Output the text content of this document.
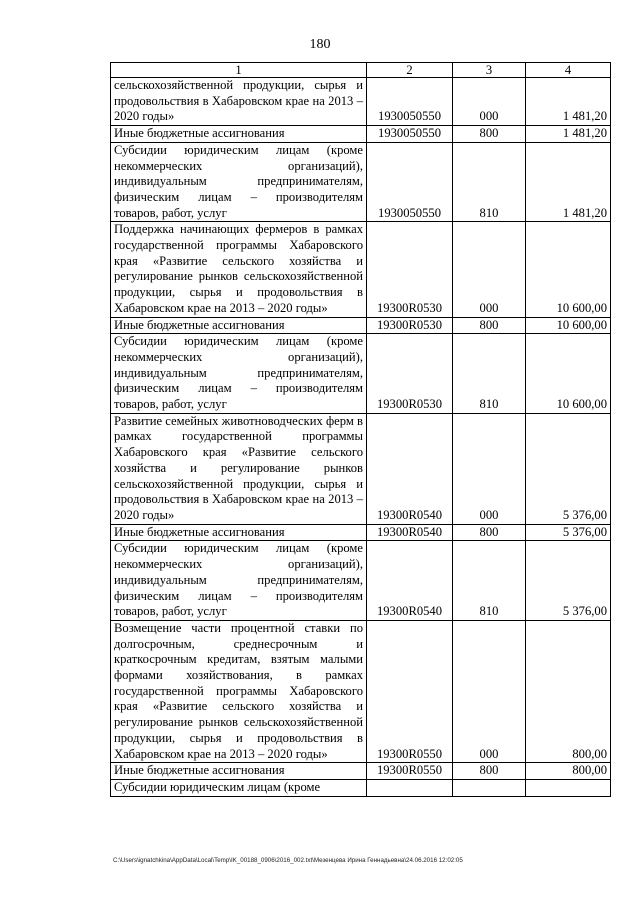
180
1	2	3	4
сельскохозяйственной продукции, сырья и продовольствия в Хабаровском крае на 2013 – 2020 годы»	1930050550	000	1 481,20
Иные бюджетные ассигнования	1930050550	800	1 481,20
Субсидии юридическим лицам (кроме некоммерческих организаций), индивидуальным предпринимателям, физическим лицам – производителям товаров, работ, услуг	1930050550	810	1 481,20
Поддержка начинающих фермеров в рамках государственной программы Хабаровского края «Развитие сельского хозяйства и регулирование рынков сельскохозяйственной продукции, сырья и продовольствия в Хабаровском крае на 2013 – 2020 годы»	19300R0530	000	10 600,00
Иные бюджетные ассигнования	19300R0530	800	10 600,00
Субсидии юридическим лицам (кроме некоммерческих организаций), индивидуальным предпринимателям, физическим лицам – производителям товаров, работ, услуг	19300R0530	810	10 600,00
Развитие семейных животноводческих ферм в рамках государственной программы Хабаровского края «Развитие сельского хозяйства и регулирование рынков сельскохозяйственной продукции, сырья и продовольствия в Хабаровском крае на 2013 – 2020 годы»	19300R0540	000	5 376,00
Иные бюджетные ассигнования	19300R0540	800	5 376,00
Субсидии юридическим лицам (кроме некоммерческих организаций), индивидуальным предпринимателям, физическим лицам – производителям товаров, работ, услуг	19300R0540	810	5 376,00
Возмещение части процентной ставки по долгосрочным, среднесрочным и краткосрочным кредитам, взятым малыми формами хозяйствования, в рамках государственной программы Хабаровского края «Развитие сельского хозяйства и регулирование рынков сельскохозяйственной продукции, сырья и продовольствия в Хабаровском крае на 2013 – 2020 годы»	19300R0550	000	800,00
Иные бюджетные ассигнования	19300R0550	800	800,00
Субсидии юридическим лицам (кроме			
C:\Users\ignatchkina\AppData\Local\Temp\IK_00188_0906\2016_002.txt\Мезенцева Ирина Геннадьевна\24.06.2016 12:02:05
